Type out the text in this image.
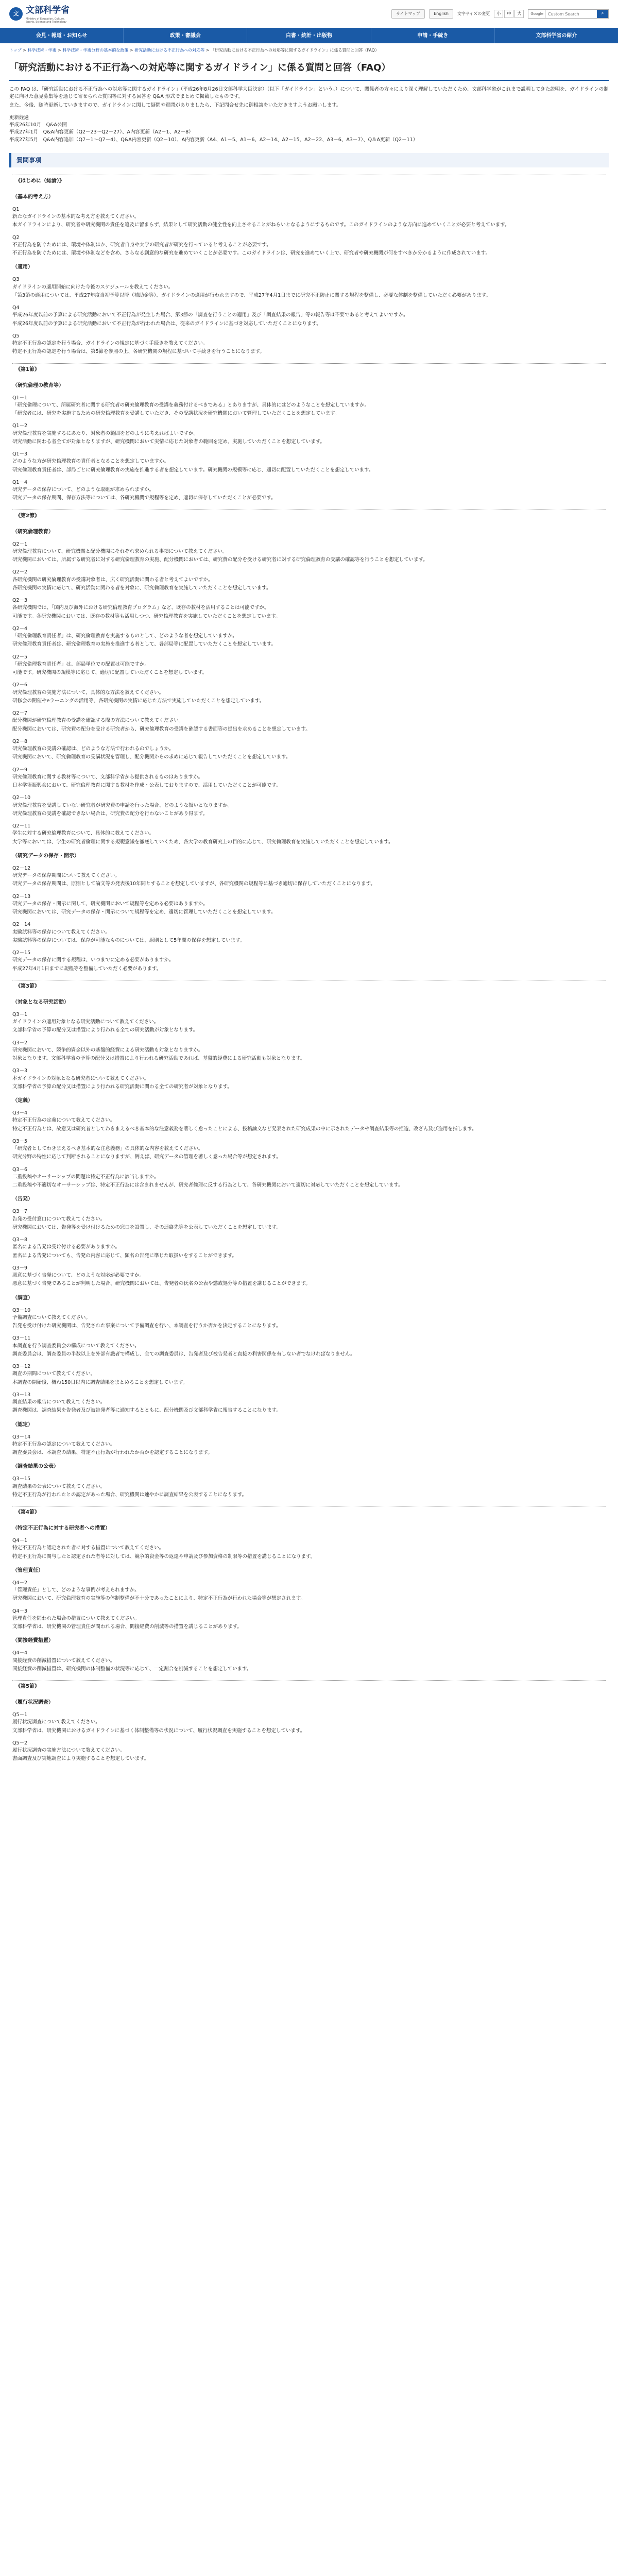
文 文部科学省
Ministry of Education, Culture, Sports, Science and Technology
サイトマップ	English	文字サイズの変更	小	中	大	Google
Custom Search	⌕
会見・報道・お知らせ	政策・審議会	白書・統計・出版物	申請・手続き	文部科学省の紹介
トップ > 科学技術・学術 > 科学技術・学術分野の基本的な政策 > 研究活動における不正行為への対応等 > 「研究活動における不正行為への対応等に関するガイドライン」に係る質問と回答（FAQ）
「研究活動における不正行為への対応等に関するガイドライン」に係る質問と回答（FAQ）

この FAQ は、「研究活動における不正行為への対応等に関するガイドライン」（平成26年8月26日文部科学大臣決定）（以下「ガイドライン」という。）について、関係者の方々により深く理解していただくため、文部科学省がこれまで説明してきた説明を、ガイドラインの制定に向けた意見募集等を通じて寄せられた質問等に対する回答を Q&A 形式でまとめて掲載したものです。

また、今後、随時更新していきますので、ガイドラインに関して疑問や質問がありましたら、下記問合せ先に御相談をいただきますようお願いします。

更新経過
平成26年10月　Q&A公開
平成27年1月　Q&A内容更新（Q2－23～Q2－27）、A内容更新（A2－1、A2－8）
平成27年5月　Q&A内容追加（Q7－1～Q7－4）、Q&A内容更新（Q2－10）、A内容更新（A4、A1－5、A1－6、A2－14、A2－15、A2－22、A3－6、A3－7）、Q＆A更新（Q2－11）
質問事項
《はじめに（総論）》
（基本的考え方）
Q1
新たなガイドラインの基本的な考え方を教えてください。
本ガイドラインにより、研究者や研究機関の責任を追及に留まらず、結果として研究活動の健全性を向上させることがねらいとなるようにするものです。このガイドラインのような方向に進めていくことが必要と考えています。
Q2
不正行為を防ぐためには、環境や体制ほか、研究者自身や大学の研究者が研究を行っていると考えることが必要です。
不正行為を防ぐためには、環境や体制などを含め、さらなる創意的な研究を進めていくことが必要です。このガイドラインは、研究を進めていく上で、研究者や研究機関が何をすべきか分かるように作成されています。
（適用）
Q3
ガイドラインの適用開始に向けた今後のスケジュールを教えてください。
「第3節の適用については、平成27年度当初予算以降（補助金等）、ガイドラインの適用が行われますので、平成27年4月1日までに研究不正防止に関する規程を整備し、必要な体制を整備していただく必要があります。
Q4
平成26年度以前の予算による研究活動において不正行為が発生した場合、第3節の「調査を行うことの適用」及び「調査結果の報告」等の報告等は不要であると考えてよいですか。
平成26年度以前の予算による研究活動において不正行為が行われた場合は、従来のガイドラインに基づき対応していただくことになります。
Q5
特定不正行為の認定を行う場合、ガイドラインの規定に基づく手続きを教えてください。
特定不正行為の認定を行う場合は、第5節を参照の上、各研究機関の規程に基づいて手続きを行うことになります。
《第1節》
（研究倫理の教育等）
Q1－1
「研究倫理について、所属研究者に関する研究者の研究倫理教育の受講を義務付けるべきである」とありますが、具体的にはどのようなことを想定していますか。
「研究者には、研究を実施するための研究倫理教育を受講していただき、その受講状況を研究機関において管理していただくことを想定しています。
Q1－2
研究倫理教育を実施するにあたり、対象者の範囲をどのように考えればよいですか。
研究活動に関わる者全てが対象となりますが、研究機関において実情に応じた対象者の範囲を定め、実施していただくことを想定しています。
Q1－3
どのような方が研究倫理教育の責任者となることを想定していますか。
研究倫理教育責任者は、部局ごとに研究倫理教育の実施を推進する者を想定しています。研究機関の規模等に応じ、適切に配置していただくことを想定しています。
Q1－4
研究データの保存について、どのような取組が求められますか。
研究データの保存期間、保存方法等については、各研究機関で規程等を定め、適切に保存していただくことが必要です。
《第2節》
（研究倫理教育）
Q2－1
研究倫理教育について、研究機関と配分機関にそれぞれ求められる事項について教えてください。
研究機関においては、所属する研究者に対する研究倫理教育の実施、配分機関においては、研究費の配分を受ける研究者に対する研究倫理教育の受講の確認等を行うことを想定しています。
Q2－2
各研究機関の研究倫理教育の受講対象者は、広く研究活動に関わる者と考えてよいですか。
各研究機関の実情に応じて、研究活動に関わる者を対象に、研究倫理教育を実施していただくことを想定しています。
Q2－3
各研究機関では、「国内及び海外における研究倫理教育プログラム」など、既存の教材を活用することは可能ですか。
可能です。各研究機関においては、既存の教材等も活用しつつ、研究倫理教育を実施していただくことを想定しています。
Q2－4
「研究倫理教育責任者」は、研究倫理教育を実施するものとして、どのような者を想定していますか。
研究倫理教育責任者は、研究倫理教育の実施を推進する者として、各部局等に配置していただくことを想定しています。
Q2－5
「研究倫理教育責任者」は、部局単位での配置は可能ですか。
可能です。研究機関の規模等に応じて、適切に配置していただくことを想定しています。
Q2－6
研究倫理教育の実施方法について、具体的な方法を教えてください。
研修会の開催やeラーニングの活用等、各研究機関の実情に応じた方法で実施していただくことを想定しています。
Q2－7
配分機関が研究倫理教育の受講を確認する際の方法について教えてください。
配分機関においては、研究費の配分を受ける研究者から、研究倫理教育の受講を確認する書面等の提出を求めることを想定しています。
Q2－8
研究倫理教育の受講の確認は、どのような方法で行われるのでしょうか。
研究機関において、研究倫理教育の受講状況を管理し、配分機関からの求めに応じて報告していただくことを想定しています。
Q2－9
研究倫理教育に関する教材等について、文部科学省から提供されるものはありますか。
日本学術振興会において、研究倫理教育に関する教材を作成・公表しておりますので、活用していただくことが可能です。
Q2－10
研究倫理教育を受講していない研究者が研究費の申請を行った場合、どのような扱いとなりますか。
研究倫理教育の受講を確認できない場合は、研究費の配分を行わないことがあり得ます。
Q2－11
学生に対する研究倫理教育について、具体的に教えてください。
大学等においては、学生の研究者倫理に関する規範意識を徹底していくため、各大学の教育研究上の目的に応じて、研究倫理教育を実施していただくことを想定しています。
（研究データの保存・開示）
Q2－12
研究データの保存期間について教えてください。
研究データの保存期間は、原則として論文等の発表後10年間とすることを想定していますが、各研究機関の規程等に基づき適切に保存していただくことになります。
Q2－13
研究データの保存・開示に関して、研究機関において規程等を定める必要はありますか。
研究機関においては、研究データの保存・開示について規程等を定め、適切に管理していただくことを想定しています。
Q2－14
実験試料等の保存について教えてください。
実験試料等の保存については、保存が可能なものについては、原則として5年間の保存を想定しています。
Q2－15
研究データの保存に関する規程は、いつまでに定める必要がありますか。
平成27年4月1日までに規程等を整備していただく必要があります。
《第3節》
（対象となる研究活動）
Q3－1
ガイドラインの適用対象となる研究活動について教えてください。
文部科学省の予算の配分又は措置により行われる全ての研究活動が対象となります。
Q3－2
研究機関において、競争的資金以外の基盤的経費による研究活動も対象となりますか。
対象となります。文部科学省の予算の配分又は措置により行われる研究活動であれば、基盤的経費による研究活動も対象となります。
Q3－3
本ガイドラインの対象となる研究者について教えてください。
文部科学省の予算の配分又は措置により行われる研究活動に関わる全ての研究者が対象となります。
（定義）
Q3－4
特定不正行為の定義について教えてください。
特定不正行為とは、故意又は研究者としてわきまえるべき基本的な注意義務を著しく怠ったことによる、投稿論文など発表された研究成果の中に示されたデータや調査結果等の捏造、改ざん及び盗用を指します。
Q3－5
「研究者としてわきまえるべき基本的な注意義務」の具体的な内容を教えてください。
研究分野の特性に応じて判断されることになりますが、例えば、研究データの管理を著しく怠った場合等が想定されます。
Q3－6
二重投稿やオーサーシップの問題は特定不正行為に該当しますか。
二重投稿や不適切なオーサーシップは、特定不正行為には含まれませんが、研究者倫理に反する行為として、各研究機関において適切に対応していただくことを想定しています。
（告発）
Q3－7
告発の受付窓口について教えてください。
研究機関においては、告発等を受け付けるための窓口を設置し、その連絡先等を公表していただくことを想定しています。
Q3－8
匿名による告発は受け付ける必要がありますか。
匿名による告発についても、告発の内容に応じて、顕名の告発に準じた取扱いをすることができます。
Q3－9
悪意に基づく告発について、どのような対応が必要ですか。
悪意に基づく告発であることが判明した場合、研究機関においては、告発者の氏名の公表や懲戒処分等の措置を講じることができます。
（調査）
Q3－10
予備調査について教えてください。
告発を受け付けた研究機関は、告発された事案について予備調査を行い、本調査を行うか否かを決定することになります。
Q3－11
本調査を行う調査委員会の構成について教えてください。
調査委員会は、調査委員の半数以上を外部有識者で構成し、全ての調査委員は、告発者及び被告発者と直接の利害関係を有しない者でなければなりません。
Q3－12
調査の期間について教えてください。
本調査の開始後、概ね150日以内に調査結果をまとめることを想定しています。
Q3－13
調査結果の報告について教えてください。
調査機関は、調査結果を告発者及び被告発者等に通知するとともに、配分機関及び文部科学省に報告することになります。
（認定）
Q3－14
特定不正行為の認定について教えてください。
調査委員会は、本調査の結果、特定不正行為が行われたか否かを認定することになります。
（調査結果の公表）
Q3－15
調査結果の公表について教えてください。
特定不正行為が行われたとの認定があった場合、研究機関は速やかに調査結果を公表することになります。
《第4節》
（特定不正行為に対する研究者への措置）
Q4－1
特定不正行為と認定された者に対する措置について教えてください。
特定不正行為に関与したと認定された者等に対しては、競争的資金等の返還や申請及び参加資格の制限等の措置を講じることになります。
（管理責任）
Q4－2
「管理責任」として、どのような事例が考えられますか。
研究機関において、研究倫理教育の実施等の体制整備が不十分であったことにより、特定不正行為が行われた場合等が想定されます。
Q4－3
管理責任を問われた場合の措置について教えてください。
文部科学省は、研究機関の管理責任が問われる場合、間接経費の削減等の措置を講じることがあります。
（間接経費措置）
Q4－4
間接経費の削減措置について教えてください。
間接経費の削減措置は、研究機関の体制整備の状況等に応じて、一定割合を削減することを想定しています。
《第5節》
（履行状況調査）
Q5－1
履行状況調査について教えてください。
文部科学省は、研究機関におけるガイドラインに基づく体制整備等の状況について、履行状況調査を実施することを想定しています。
Q5－2
履行状況調査の実施方法について教えてください。
書面調査及び実地調査により実施することを想定しています。
